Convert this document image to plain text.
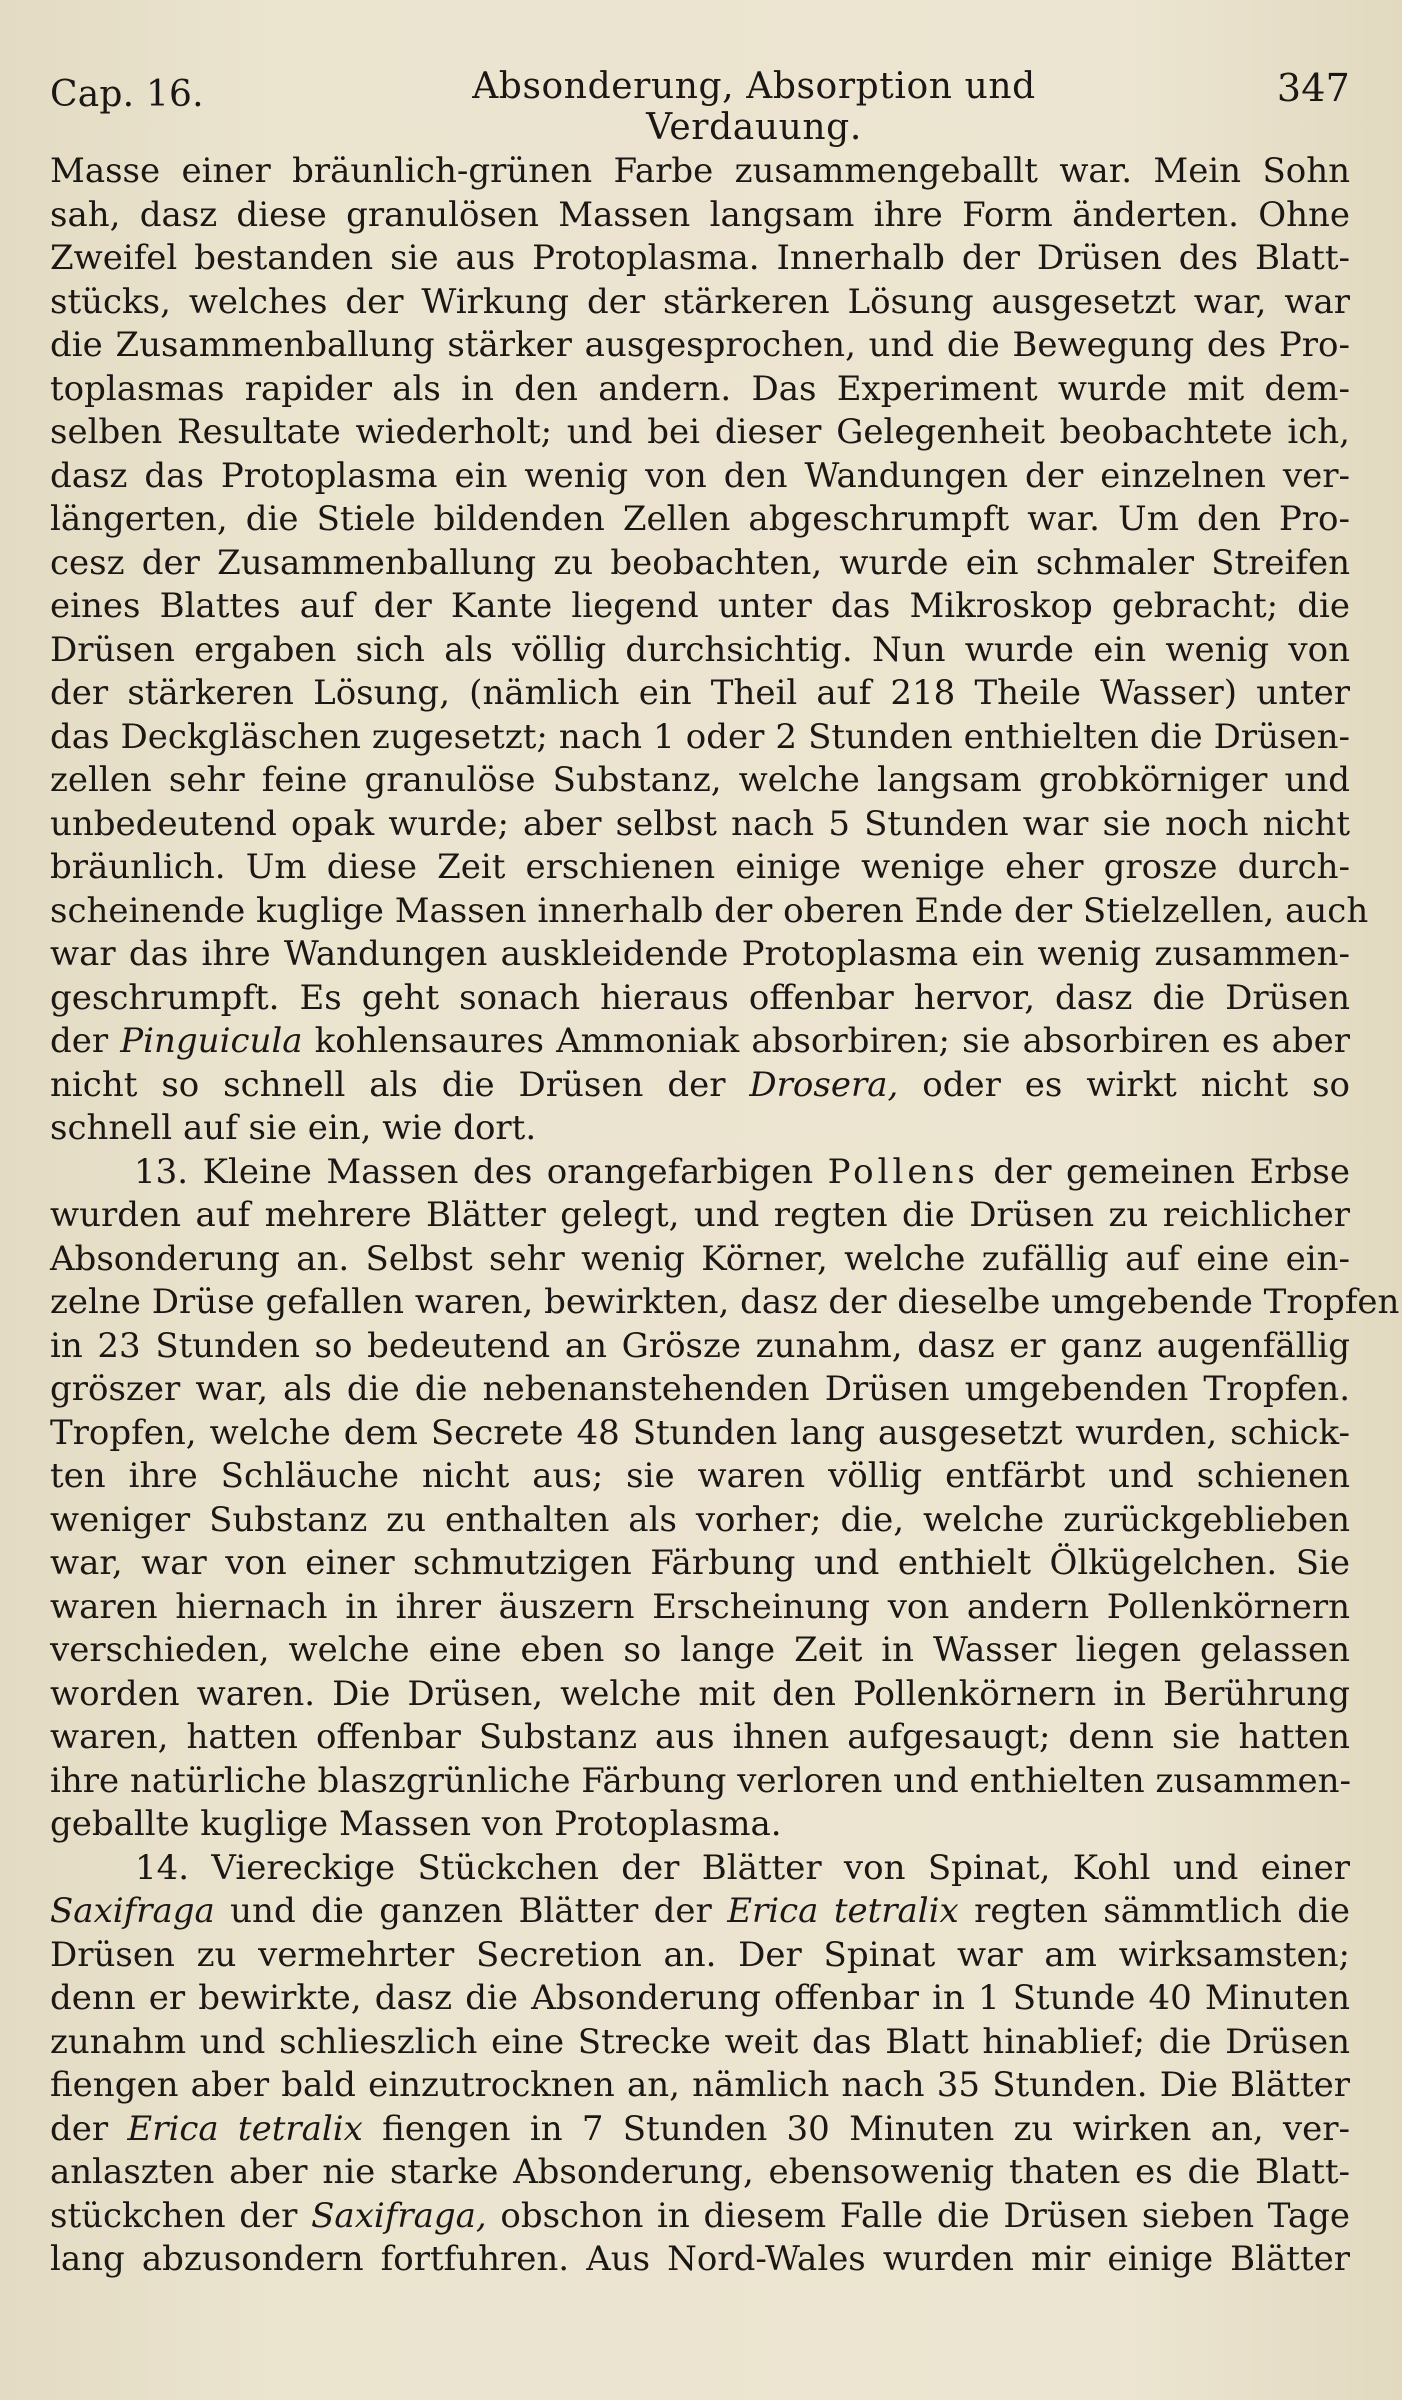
Cap. 16.	Absonderung, Absorption und Verdauung.
347
Masse einer bräunlich-grünen Farbe zusammengeballt war. Mein Sohn
sah, dasz diese granulösen Massen langsam ihre Form änderten. Ohne
Zweifel bestanden sie aus Protoplasma. Innerhalb der Drüsen des Blatt-
stücks, welches der Wirkung der stärkeren Lösung ausgesetzt war, war
die Zusammenballung stärker ausgesprochen, und die Bewegung des Pro-
toplasmas rapider als in den andern. Das Experiment wurde mit dem-
selben Resultate wiederholt; und bei dieser Gelegenheit beobachtete ich,
dasz das Protoplasma ein wenig von den Wandungen der einzelnen ver-
längerten, die Stiele bildenden Zellen abgeschrumpft war. Um den Pro-
cesz der Zusammenballung zu beobachten, wurde ein schmaler Streifen
eines Blattes auf der Kante liegend unter das Mikroskop gebracht; die
Drüsen ergaben sich als völlig durchsichtig. Nun wurde ein wenig von
der stärkeren Lösung, (nämlich ein Theil auf 218 Theile Wasser) unter
das Deckgläschen zugesetzt; nach 1 oder 2 Stunden enthielten die Drüsen-
zellen sehr feine granulöse Substanz, welche langsam grobkörniger und
unbedeutend opak wurde; aber selbst nach 5 Stunden war sie noch nicht
bräunlich. Um diese Zeit erschienen einige wenige eher grosze durch-
scheinende kuglige Massen innerhalb der oberen Ende der Stielzellen, auch
war das ihre Wandungen auskleidende Protoplasma ein wenig zusammen-
geschrumpft. Es geht sonach hieraus offenbar hervor, dasz die Drüsen
der Pinguicula kohlensaures Ammoniak absorbiren; sie absorbiren es aber
nicht so schnell als die Drüsen der Drosera, oder es wirkt nicht so
schnell auf sie ein, wie dort.
13. Kleine Massen des orangefarbigen Pollens der gemeinen Erbse
wurden auf mehrere Blätter gelegt, und regten die Drüsen zu reichlicher
Absonderung an. Selbst sehr wenig Körner, welche zufällig auf eine ein-
zelne Drüse gefallen waren, bewirkten, dasz der dieselbe umgebende Tropfen
in 23 Stunden so bedeutend an Grösze zunahm, dasz er ganz augenfällig
gröszer war, als die die nebenanstehenden Drüsen umgebenden Tropfen.
Tropfen, welche dem Secrete 48 Stunden lang ausgesetzt wurden, schick-
ten ihre Schläuche nicht aus; sie waren völlig entfärbt und schienen
weniger Substanz zu enthalten als vorher; die, welche zurückgeblieben
war, war von einer schmutzigen Färbung und enthielt Ölkügelchen. Sie
waren hiernach in ihrer äuszern Erscheinung von andern Pollenkörnern
verschieden, welche eine eben so lange Zeit in Wasser liegen gelassen
worden waren. Die Drüsen, welche mit den Pollenkörnern in Berührung
waren, hatten offenbar Substanz aus ihnen aufgesaugt; denn sie hatten
ihre natürliche blaszgrünliche Färbung verloren und enthielten zusammen-
geballte kuglige Massen von Protoplasma.
14. Viereckige Stückchen der Blätter von Spinat, Kohl und einer
Saxifraga und die ganzen Blätter der Erica tetralix regten sämmtlich die
Drüsen zu vermehrter Secretion an. Der Spinat war am wirksamsten;
denn er bewirkte, dasz die Absonderung offenbar in 1 Stunde 40 Minuten
zunahm und schlieszlich eine Strecke weit das Blatt hinablief; die Drüsen
fiengen aber bald einzutrocknen an, nämlich nach 35 Stunden. Die Blätter
der Erica tetralix fiengen in 7 Stunden 30 Minuten zu wirken an, ver-
anlaszten aber nie starke Absonderung, ebensowenig thaten es die Blatt-
stückchen der Saxifraga, obschon in diesem Falle die Drüsen sieben Tage
lang abzusondern fortfuhren. Aus Nord-Wales wurden mir einige Blätter
